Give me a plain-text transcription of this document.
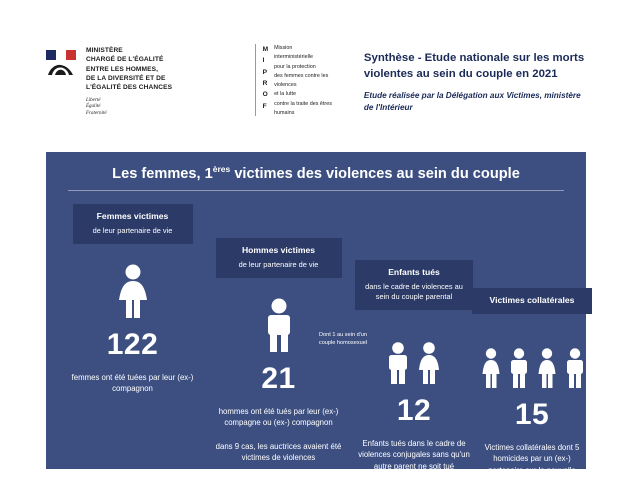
MINISTÈRE
CHARGÉ DE L'ÉGALITÉ
ENTRE LES HOMMES,
DE LA DIVERSITÉ ET DE
L'ÉGALITÉ DES CHANCES
Liberté
Égalité
Fraternité
M
I
P
R
O
F
Mission
interministérielle
pour la protection
des femmes contre les violences
et la lutte
contre la traite des êtres humains
Synthèse - Etude nationale sur les morts violentes au sein du couple en 2021
Etude réalisée par la Délégation aux Victimes, ministère de l'Intérieur
Les femmes, 1ères victimes des violences au sein du couple
Femmes victimes
de leur partenaire de vie
122
femmes ont été tuées par leur (ex-) compagnon
Hommes victimes
de leur partenaire de vie
21
hommes ont été tués par leur (ex-) compagne ou (ex-) compagnon
dans 9 cas, les auctrices avaient été victimes de violences
Enfants tués
dans le cadre de violences au sein du couple parental
12
Enfants tués dans le cadre de violences conjugales sans qu'un autre parent ne soit tué
Victimes collatérales
15
Victimes collatérales dont 5 homicides par un (ex-) partenaire sur la nouvelle relation de leur (ex-) partenaire
Dont 1 au sein d'un couple homosexuel
